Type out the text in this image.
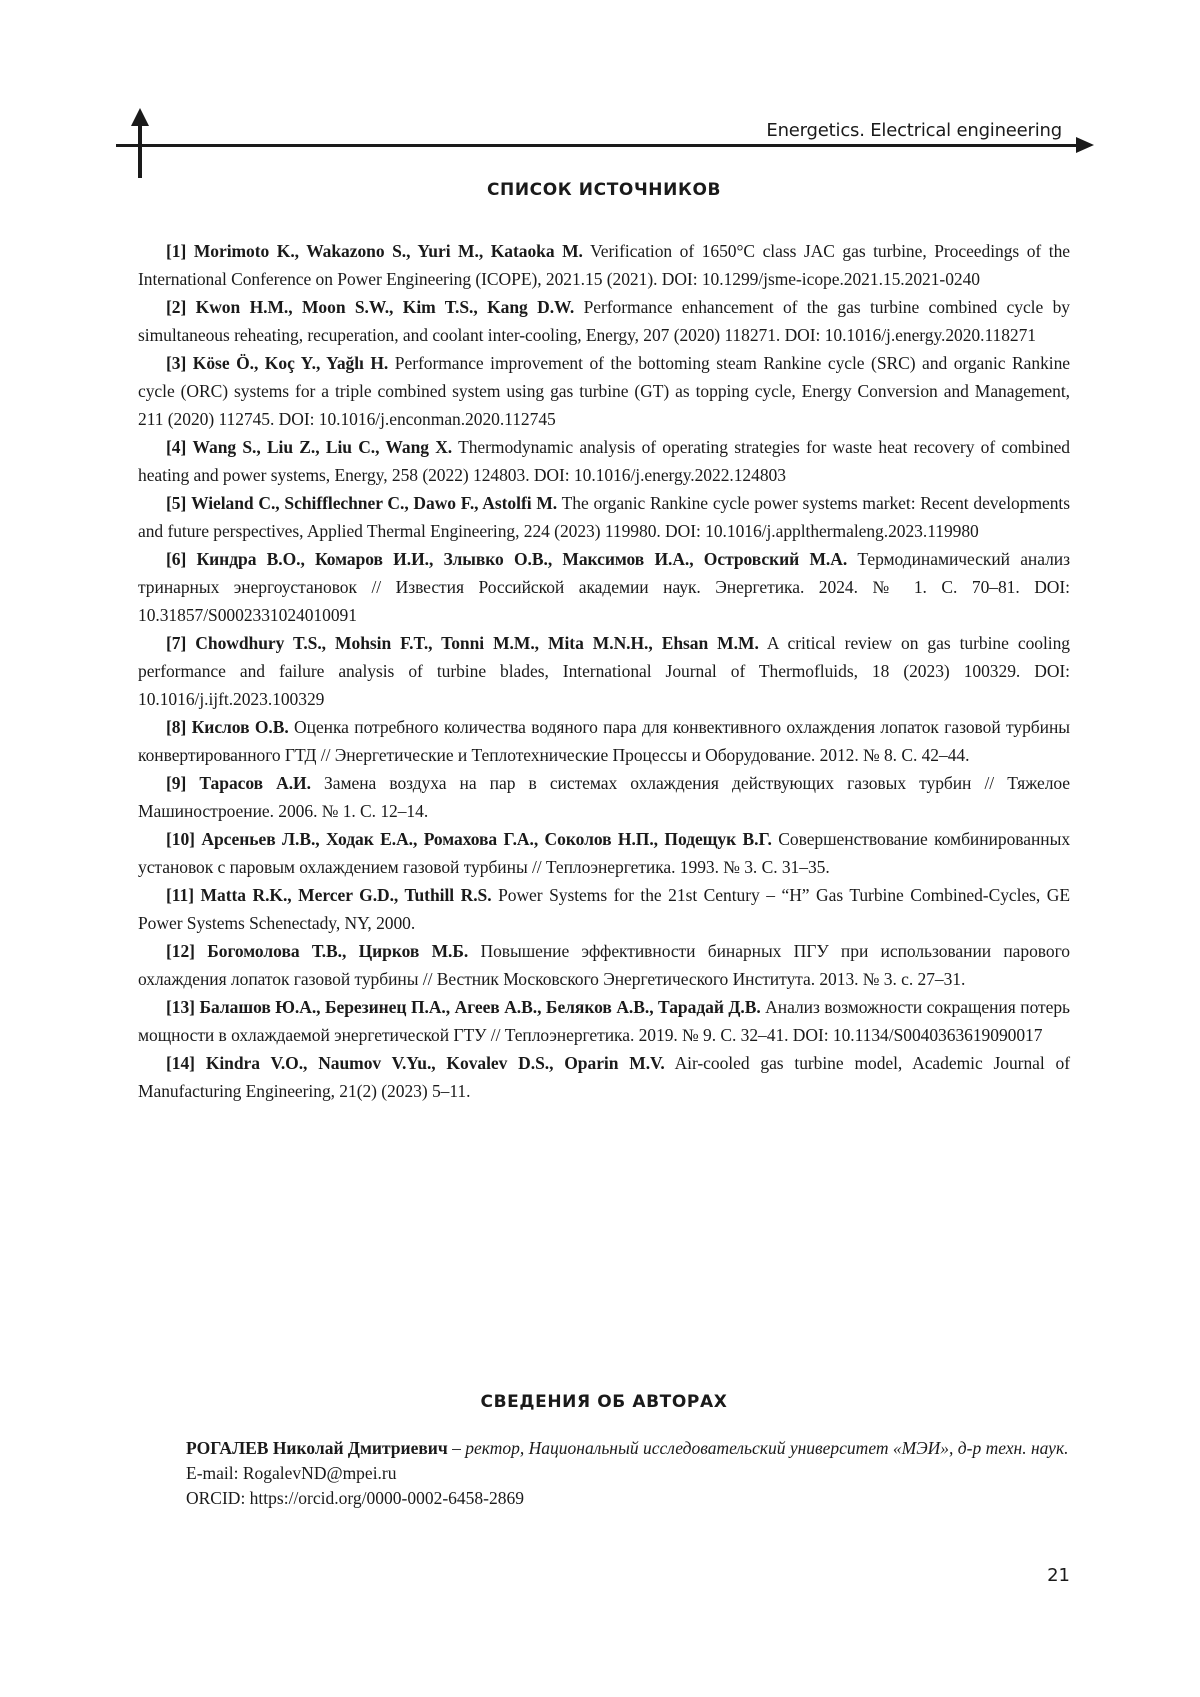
Energetics. Electrical engineering
СПИСОК ИСТОЧНИКОВ
[1] Morimoto K., Wakazono S., Yuri M., Kataoka M. Verification of 1650°C class JAC gas turbine, Proceedings of the International Conference on Power Engineering (ICOPE), 2021.15 (2021). DOI: 10.1299/jsme-icope.2021.15.2021-0240
[2] Kwon H.M., Moon S.W., Kim T.S., Kang D.W. Performance enhancement of the gas turbine combined cycle by simultaneous reheating, recuperation, and coolant inter-cooling, Energy, 207 (2020) 118271. DOI: 10.1016/j.energy.2020.118271
[3] Köse Ö., Koç Y., Yağlı H. Performance improvement of the bottoming steam Rankine cycle (SRC) and organic Rankine cycle (ORC) systems for a triple combined system using gas turbine (GT) as topping cycle, Energy Conversion and Management, 211 (2020) 112745. DOI: 10.1016/j.enconman.2020.112745
[4] Wang S., Liu Z., Liu C., Wang X. Thermodynamic analysis of operating strategies for waste heat recovery of combined heating and power systems, Energy, 258 (2022) 124803. DOI: 10.1016/j.energy.2022.124803
[5] Wieland C., Schifflechner C., Dawo F., Astolfi M. The organic Rankine cycle power systems market: Recent developments and future perspectives, Applied Thermal Engineering, 224 (2023) 119980. DOI: 10.1016/j.applthermaleng.2023.119980
[6] Киндра В.О., Комаров И.И., Злывко О.В., Максимов И.А., Островский М.А. Термодинамический анализ тринарных энергоустановок // Известия Российской академии наук. Энергетика. 2024. № 1. С. 70–81. DOI: 10.31857/S0002331024010091
[7] Chowdhury T.S., Mohsin F.T., Tonni M.M., Mita M.N.H., Ehsan M.M. A critical review on gas turbine cooling performance and failure analysis of turbine blades, International Journal of Thermofluids, 18 (2023) 100329. DOI: 10.1016/j.ijft.2023.100329
[8] Кислов О.В. Оценка потребного количества водяного пара для конвективного охлаждения лопаток газовой турбины конвертированного ГТД // Энергетические и Теплотехнические Процессы и Оборудование. 2012. № 8. С. 42–44.
[9] Тарасов А.И. Замена воздуха на пар в системах охлаждения действующих газовых турбин // Тяжелое Машиностроение. 2006. № 1. С. 12–14.
[10] Арсеньев Л.В., Ходак Е.А., Ромахова Г.А., Соколов Н.П., Подещук В.Г. Совершенствование комбинированных установок с паровым охлаждением газовой турбины // Теплоэнергетика. 1993. № 3. С. 31–35.
[11] Matta R.K., Mercer G.D., Tuthill R.S. Power Systems for the 21st Century – “H” Gas Turbine Combined-Cycles, GE Power Systems Schenectady, NY, 2000.
[12] Богомолова Т.В., Цирков М.Б. Повышение эффективности бинарных ПГУ при использовании парового охлаждения лопаток газовой турбины // Вестник Московского Энергетического Института. 2013. № 3. с. 27–31.
[13] Балашов Ю.А., Березинец П.А., Агеев А.В., Беляков А.В., Тарадай Д.В. Анализ возможности сокращения потерь мощности в охлаждаемой энергетической ГТУ // Теплоэнергетика. 2019. № 9. С. 32–41. DOI: 10.1134/S0040363619090017
[14] Kindra V.O., Naumov V.Yu., Kovalev D.S., Oparin M.V. Air-cooled gas turbine model, Academic Journal of Manufacturing Engineering, 21(2) (2023) 5–11.
СВЕДЕНИЯ ОБ АВТОРАХ

РОГАЛЕВ Николай Дмитриевич – ректор, Национальный исследовательский университет «МЭИ», д-р техн. наук.

E-mail: RogalevND@mpei.ru

ORCID: https://orcid.org/0000-0002-6458-2869

21
